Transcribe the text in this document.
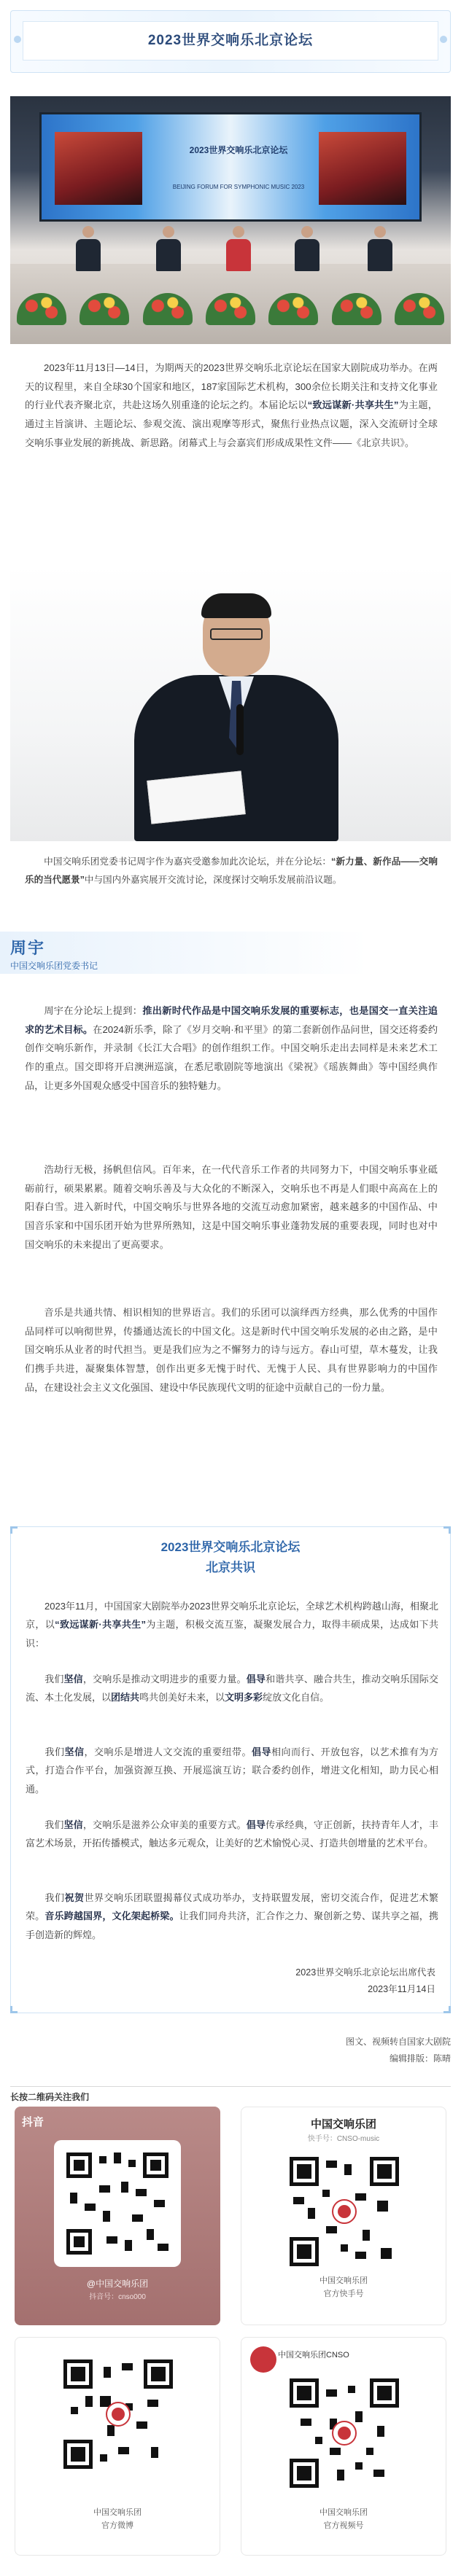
2023世界交响乐北京论坛
2023世界交响乐北京论坛
BEIJING FORUM FOR SYMPHONIC MUSIC 2023
2023年11月13日—14日，为期两天的2023世界交响乐北京论坛在国家大剧院成功举办。在两天的议程里，来自全球30个国家和地区，187家国际艺术机构，300余位长期关注和支持文化事业的行业代表齐聚北京，共赴这场久别重逢的论坛之约。本届论坛以“致远谋新·共享共生”为主题，通过主旨演讲、主题论坛、参观交流、演出观摩等形式，聚焦行业热点议题，深入交流研讨全球交响乐事业发展的新挑战、新思路。闭幕式上与会嘉宾们形成成果性文件——《北京共识》。
中国交响乐团党委书记周宇作为嘉宾受邀参加此次论坛，并在分论坛：“新力量、新作品——交响乐的当代愿景”中与国内外嘉宾展开交流讨论，深度探讨交响乐发展前沿议题。
周宇
中国交响乐团党委书记
周宇在分论坛上提到：推出新时代作品是中国交响乐发展的重要标志，也是国交一直关注追求的艺术目标。在2024新乐季，除了《岁月交响·和平里》的第二套新创作品问世，国交还将委约创作交响乐新作，并录制《长江大合唱》的创作组织工作。中国交响乐走出去同样是未来艺术工作的重点。国交即将开启澳洲巡演，在悉尼歌剧院等地演出《梁祝》《瑶族舞曲》等中国经典作品，让更多外国观众感受中国音乐的独特魅力。
浩劫行无极，扬帆但信风。百年来，在一代代音乐工作者的共同努力下，中国交响乐事业砥砺前行，硕果累累。随着交响乐善及与大众化的不断深入，交响乐也不再是人们眼中高高在上的阳春白雪。进入新时代，中国交响乐与世界各地的交流互动愈加紧密，越来越多的中国作品、中国音乐家和中国乐团开始为世界所熟知，这是中国交响乐事业蓬勃发展的重要表现，同时也对中国交响乐的未来提出了更高要求。
音乐是共通共情、相识相知的世界语言。我们的乐团可以演绎西方经典，那么优秀的中国作品同样可以响彻世界，传播通达流长的中国文化。这是新时代中国交响乐发展的必由之路，是中国交响乐从业者的时代担当。更是我们应为之不懈努力的诗与远方。春山可望，草木蔓发，让我们携手共进，凝聚集体智慧，创作出更多无愧于时代、无愧于人民、具有世界影响力的中国作品，在建设社会主义文化强国、建设中华民族现代文明的征途中贡献自己的一份力量。
2023世界交响乐北京论坛
北京共识
2023年11月，中国国家大剧院举办2023世界交响乐北京论坛，全球艺术机构跨越山海，相聚北京，以“致远谋新·共享共生”为主题，积极交流互鉴，凝聚发展合力，取得丰硕成果，达成如下共识：
我们坚信，交响乐是推动文明进步的重要力量。倡导和谐共享、融合共生，推动交响乐国际交流、本土化发展，以团结共鸣共创美好未来，以文明多彩绽放文化自信。
我们坚信，交响乐是增进人文交流的重要纽带。倡导相向而行、开放包容，以艺术推有为方式，打造合作平台，加强资源互换、开展巡演互访；联合委约创作，增进文化相知，助力民心相通。
我们坚信，交响乐是滋养公众审美的重要方式。倡导传承经典，守正创新，扶持青年人才，丰富艺术场景，开拓传播模式，触达多元观众，让美好的艺术愉悦心灵、打造共创增量的艺术平台。
我们祝贺世界交响乐团联盟揭幕仪式成功举办，支持联盟发展，密切交流合作，促进艺术繁荣。音乐跨越国界，文化架起桥梁。让我们同舟共济，汇合作之力、聚创新之势、谋共享之福，携手创造新的辉煌。
2023世界交响乐北京论坛出席代表
2023年11月14日
图文、视频转自国家大剧院
编辑排版：陈晴
长按二维码关注我们
抖音
@中国交响乐团
抖音号：cnso000
中国交响乐团
快手号：CNSO-music
中国交响乐团
官方快手号
中国交响乐团
官方微博
中国交响乐团CNSO
中国交响乐团
官方视频号
